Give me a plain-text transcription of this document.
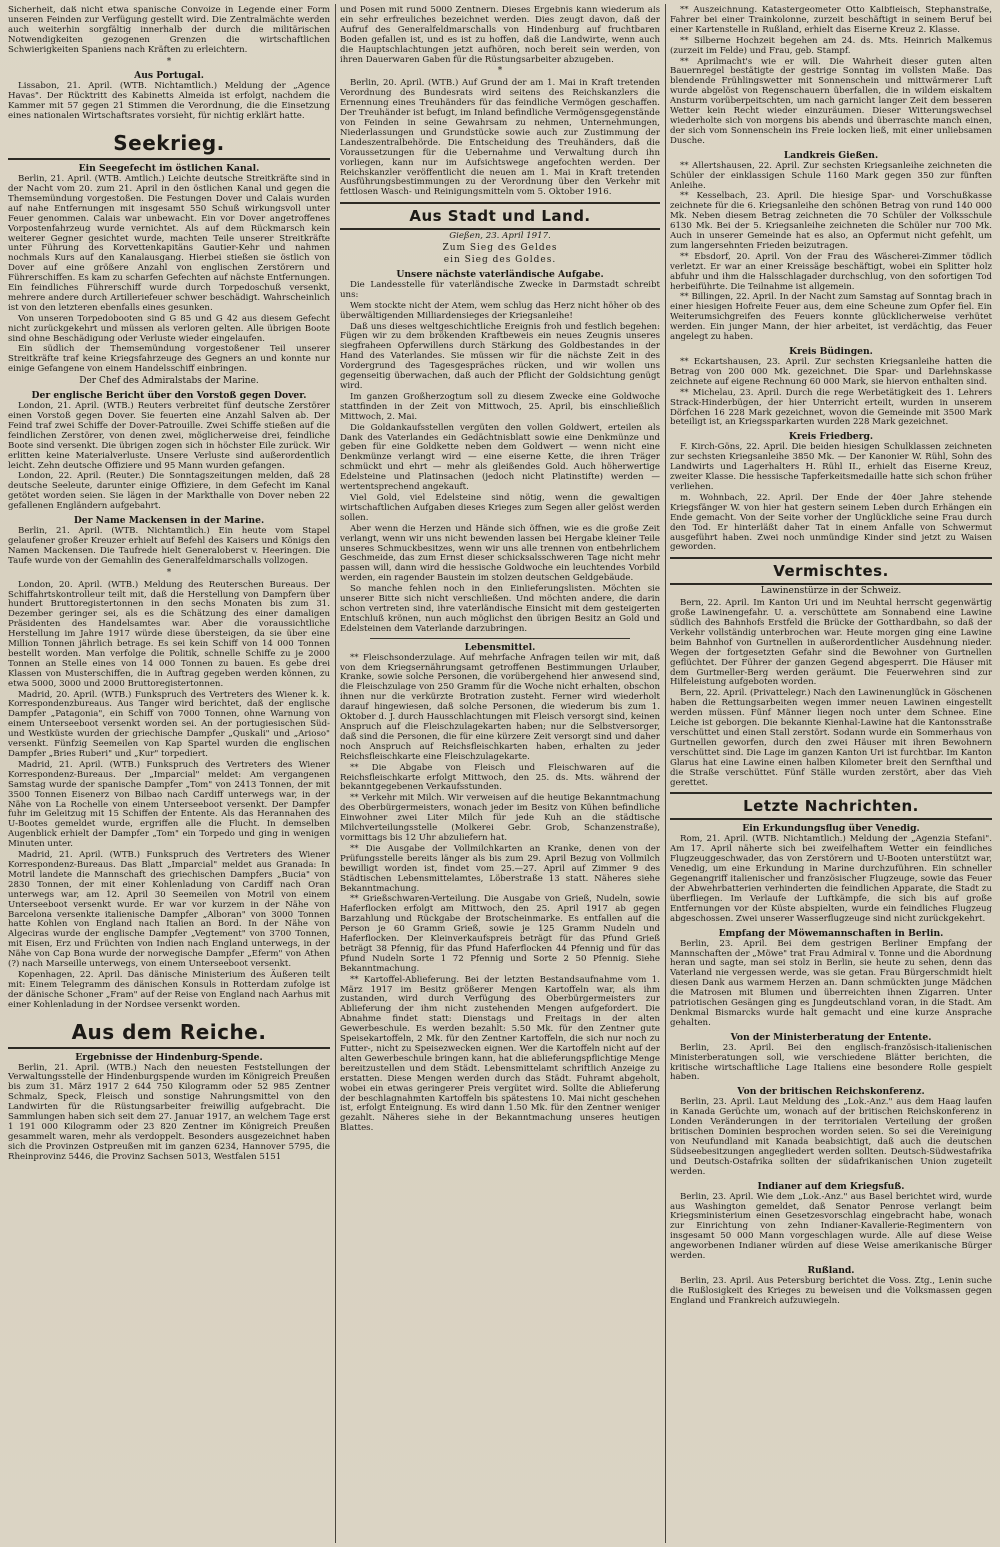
Sicherheit, daß nicht etwa spanische Convoize in Legende einer Form unseren Feinden zur Verfügung gestellt wird. Die Zentralmächte werden auch weiterhin sorgfältig innerhalb der durch die militärischen Notwendigkeiten gezogenen Grenzen die wirtschaftlichen Schwierigkeiten Spaniens nach Kräften zu erleichtern.

*
Aus Portugal.

Lissabon, 21. April. (WTB. Nichtamtlich.) Meldung der „Agence Havas". Der Rücktritt des Kabinetts Almeida ist erfolgt, nachdem die Kammer mit 57 gegen 21 Stimmen die Verordnung, die die Einsetzung eines nationalen Wirtschaftsrates vorsieht, für nichtig erklärt hatte.

Seekrieg.
Ein Seegefecht im östlichen Kanal.

Berlin, 21. April. (WTB. Amtlich.) Leichte deutsche Streitkräfte sind in der Nacht vom 20. zum 21. April in den östlichen Kanal und gegen die Themsemündung vorgestoßen. Die Festungen Dover und Calais wurden auf nahe Entfernungen mit insgesamt 550 Schuß wirkungsvoll unter Feuer genommen. Calais war unbewacht. Ein vor Dover angetroffenes Vorpostenfahrzeug wurde vernichtet. Als auf dem Rückmarsch kein weiterer Gegner gesichtet wurde, machten Teile unserer Streitkräfte unter Führung des Korvettenkapitäns Gautier-Kehr und nahmen nochmals Kurs auf den Kanalausgang. Hierbei stießen sie östlich von Dover auf eine größere Anzahl von englischen Zerstörern und Führerschiffen. Es kam zu scharfen Gefechten auf nächste Entfernungen. Ein feindliches Führerschiff wurde durch Torpedoschuß versenkt, mehrere andere durch Artilleriefeuer schwer beschädigt. Wahrscheinlich ist von den letzteren ebenfalls eines gesunken.

Von unseren Torpedobooten sind G 85 und G 42 aus diesem Gefecht nicht zurückgekehrt und müssen als verloren gelten. Alle übrigen Boote sind ohne Beschädigung oder Verluste wieder eingelaufen.

Ein südlich der Themsemündung vorgestoßener Teil unserer Streitkräfte traf keine Kriegsfahrzeuge des Gegners an und konnte nur einige Gefangene von einem Handelsschiff einbringen.

Der Chef des Admiralstabs der Marine.
Der englische Bericht über den Vorstoß gegen Dover.

London, 21. April. (WTB.) Reuters verbreitet fünf deutsche Zerstörer einen Vorstoß gegen Dover. Sie feuerten eine Anzahl Salven ab. Der Feind traf zwei Schiffe der Dover-Patrouille. Zwei Schiffe stießen auf die feindlichen Zerstörer, von denen zwei, möglicherweise drei, feindliche Boote sind versenkt. Die übrigen zogen sich in höchster Eile zurück. Wir erlitten keine Materialverluste. Unsere Verluste sind außerordentlich leicht. Zehn deutsche Offiziere und 95 Mann wurden gefangen.

London, 22. April. (Reuter.) Die Sonntagszeitungen melden, daß 28 deutsche Seeleute, darunter einige Offiziere, in dem Gefecht im Kanal getötet worden seien. Sie lägen in der Markthalle von Dover neben 22 gefallenen Engländern aufgebahrt.

Der Name Mackensen in der Marine.

Berlin, 21. April. (WTB. Nichtamtlich.) Ein heute vom Stapel gelaufener großer Kreuzer erhielt auf Befehl des Kaisers und Königs den Namen Mackensen. Die Taufrede hielt Generaloberst v. Heeringen. Die Taufe wurde von der Gemahlin des Generalfeldmarschalls vollzogen.

*

London, 20. April. (WTB.) Meldung des Reuterschen Bureaus. Der Schiffahrtskontrolleur teilt mit, daß die Herstellung von Dampfern über hundert Bruttoregistertonnen in den sechs Monaten bis zum 31. Dezember geringer sei, als es die Schätzung des einer damaligen Präsidenten des Handelsamtes war. Aber die voraussichtliche Herstellung im Jahre 1917 würde diese übersteigen, da sie über eine Million Tonnen jährlich betrage. Es sei kein Schiff von 14 000 Tonnen bestellt worden. Man verfolge die Politik, schnelle Schiffe zu je 2000 Tonnen an Stelle eines von 14 000 Tonnen zu bauen. Es gebe drei Klassen von Musterschiffen, die in Auftrag gegeben werden können, zu etwa 5000, 3000 und 2000 Bruttoregistertonnen.

Madrid, 20. April. (WTB.) Funkspruch des Vertreters des Wiener k. k. Korrespondenzbureaus. Aus Tanger wird berichtet, daß der englische Dampfer „Patagonia", ein Schiff von 7000 Tonnen, ohne Warnung von einem Unterseeboot versenkt worden sei. An der portugiesischen Süd- und Westküste wurden der griechische Dampfer „Quskali" und „Arioso" versenkt. Fünfzig Seemeilen von Kap Spartel wurden die englischen Dampfer „Bries Ruberi" und „Kur" torpediert.

Madrid, 21. April. (WTB.) Funkspruch des Vertreters des Wiener Korrespondenz-Bureaus. Der „Imparcial" meldet: Am vergangenen Samstag wurde der spanische Dampfer „Tom" von 2413 Tonnen, der mit 3500 Tonnen Eisenerz von Bilbao nach Cardiff unterwegs war, in der Nähe von La Rochelle von einem Unterseeboot versenkt. Der Dampfer fuhr im Geleitzug mit 15 Schiffen der Entente. Als das Herannahen des U-Bootes gemeldet wurde, ergriffen alle die Flucht. In demselben Augenblick erhielt der Dampfer „Tom" ein Torpedo und ging in wenigen Minuten unter.

Madrid, 21. April. (WTB.) Funkspruch des Vertreters des Wiener Korrespondenz-Bureaus. Das Blatt „Imparcial" meldet aus Granada: In Motril landete die Mannschaft des griechischen Dampfers „Bucia" von 2830 Tonnen, der mit einer Kohlenladung von Cardiff nach Oran unterwegs war, am 12. April 30 Seemeilen von Motril von einem Unterseeboot versenkt wurde. Er war vor kurzem in der Nähe von Barcelona versenkte italienische Dampfer „Alboran" von 3000 Tonnen hatte Kohlen von England nach Italien an Bord. In der Nähe von Algeciras wurde der englische Dampfer „Vegtement" von 3700 Tonnen, mit Eisen, Erz und Früchten von Indien nach England unterwegs, in der Nähe von Cap Bona wurde der norwegische Dampfer „Eferm" von Athen (?) nach Marseille unterwegs, von einem Unterseeboot versenkt.

Kopenhagen, 22. April. Das dänische Ministerium des Äußeren teilt mit: Einem Telegramm des dänischen Konsuls in Rotterdam zufolge ist der dänische Schoner „Fram" auf der Reise von England nach Aarhus mit einer Kohlenladung in der Nordsee versenkt worden.

Aus dem Reiche.
Ergebnisse der Hindenburg-Spende.

Berlin, 21. April. (WTB.) Nach den neuesten Feststellungen der Verwaltungsstelle der Hindenburgspende wurden im Königreich Preußen bis zum 31. März 1917 2 644 750 Kilogramm oder 52 985 Zentner Schmalz, Speck, Fleisch und sonstige Nahrungsmittel von den Landwirten für die Rüstungsarbeiter freiwillig aufgebracht. Die Sammlungen haben sich seit dem 27. Januar 1917, an welchem Tage erst 1 191 000 Kilogramm oder 23 820 Zentner im Königreich Preußen gesammelt waren, mehr als verdoppelt. Besonders ausgezeichnet haben sich die Provinzen Ostpreußen mit im ganzen 6234, Hannover 5795, die Rheinprovinz 5446, die Provinz Sachsen 5013, Westfalen 5151

und Posen mit rund 5000 Zentnern. Dieses Ergebnis kann wiederum als ein sehr erfreuliches bezeichnet werden. Dies zeugt davon, daß der Aufruf des Generalfeldmarschalls von Hindenburg auf fruchtbaren Boden gefallen ist, und es ist zu hoffen, daß die Landwirte, wenn auch die Hauptschlachtungen jetzt aufhören, noch bereit sein werden, von ihren Dauerwaren Gaben für die Rüstungsarbeiter abzugeben.

*

Berlin, 20. April. (WTB.) Auf Grund der am 1. Mai in Kraft tretenden Verordnung des Bundesrats wird seitens des Reichskanzlers die Ernennung eines Treuhänders für das feindliche Vermögen geschaffen. Der Treuhänder ist befugt, im Inland befindliche Vermögensgegenstände von Feinden in seine Gewahrsam zu nehmen, Unternehmungen, Niederlassungen und Grundstücke sowie auch zur Zustimmung der Landeszentralbehörde. Die Entscheidung des Treuhänders, daß die Voraussetzungen für die Uebernahme und Verwaltung durch ihn vorliegen, kann nur im Aufsichtswege angefochten werden. Der Reichskanzler veröffentlicht die neuen am 1. Mai in Kraft tretenden Ausführungsbestimmungen zu der Verordnung über den Verkehr mit fettlosen Wasch- und Reinigungsmitteln vom 5. Oktober 1916.

Aus Stadt und Land.
Gießen, 23. April 1917.
Zum Sieg des Geldes
ein Sieg des Goldes.
Unsere nächste vaterländische Aufgabe.

Die Landesstelle für vaterländische Zwecke in Darmstadt schreibt uns:

Wem stockte nicht der Atem, wem schlug das Herz nicht höher ob des überwältigenden Milliardensieges der Kriegsanleihe!

Daß uns dieses weltgeschichtliche Ereignis froh und festlich begehen: Fügen wir zu dem brökenden Kraftbeweis ein neues Zeugnis unseres siegfraheen Opferwillens durch Stärkung des Goldbestandes in der Hand des Vaterlandes. Sie müssen wir für die nächste Zeit in des Vordergrund des Tagesgespräches rücken, und wir wollen uns gegenseitig überwachen, daß auch der Pflicht der Goldsichtung genügt wird.

Im ganzen Großherzogtum soll zu diesem Zwecke eine Goldwoche stattfinden in der Zeit von Mittwoch, 25. April, bis einschließlich Mittwoch, 2. Mai.

Die Goldankaufsstellen vergüten den vollen Goldwert, erteilen als Dank des Vaterlandes ein Gedächtnisblatt sowie eine Denkmünze und geben für eine Goldkette neben dem Goldwert — wenn nicht eine Denkmünze verlangt wird — eine eiserne Kette, die ihren Träger schmückt und ehrt — mehr als gleißendes Gold. Auch höherwertige Edelsteine und Platinsachen (jedoch nicht Platinstifte) werden — wertentsprechend angekauft.

Viel Gold, viel Edelsteine sind nötig, wenn die gewaltigen wirtschaftlichen Aufgaben dieses Krieges zum Segen aller gelöst werden sollen.

Aber wenn die Herzen und Hände sich öffnen, wie es die große Zeit verlangt, wenn wir uns nicht bewenden lassen bei Hergabe kleiner Teile unseres Schmuckbesitzes, wenn wir uns alle trennen von entbehrlichem Geschmeide, das zum Ernst dieser schicksalsschweren Tage nicht mehr passen will, dann wird die hessische Goldwoche ein leuchtendes Vorbild werden, ein ragender Baustein im stolzen deutschen Geldgebäude.

So manche fehlen noch in den Einlieferungslisten. Möchten sie unserer Bitte sich nicht verschließen. Und möchten andere, die darin schon vertreten sind, ihre vaterländische Einsicht mit dem gesteigerten Entschluß krönen, nun auch möglichst den übrigen Besitz an Gold und Edelsteinen dem Vaterlande darzubringen.

Lebensmittel.

** Fleischsonderzulage. Auf mehrfache Anfragen teilen wir mit, daß von dem Kriegsernährungsamt getroffenen Bestimmungen Urlauber, Kranke, sowie solche Personen, die vorübergehend hier anwesend sind, die Fleischzulage von 250 Gramm für die Woche nicht erhalten, obschon ihnen nur die verkürzte Brotration zusteht. Ferner wird wiederholt darauf hingewiesen, daß solche Personen, die wiederum bis zum 1. Oktober d. J. durch Hausschlachtungen mit Fleisch versorgt sind, keinen Anspruch auf die Fleischzulagekarten haben; nur die Selbstversorger, daß sind die Personen, die für eine kürzere Zeit versorgt sind und daher noch Anspruch auf Reichsfleischkarten haben, erhalten zu jeder Reichsfleischkarte eine Fleischzulagekarte.

** Die Abgabe von Fleisch und Fleischwaren auf die Reichsfleischkarte erfolgt Mittwoch, den 25. ds. Mts. während der bekanntgegebenen Verkaufsstunden.

** Verkehr mit Milch. Wir verweisen auf die heutige Bekanntmachung des Oberbürgermeisters, wonach jeder im Besitz von Kühen befindliche Einwohner zwei Liter Milch für jede Kuh an die städtische Milchverteilungsstelle (Molkerei Gebr. Grob, Schanzenstraße), vormittags bis 12 Uhr abzuliefern hat.

** Die Ausgabe der Vollmilchkarten an Kranke, denen von der Prüfungsstelle bereits länger als bis zum 29. April Bezug von Vollmilch bewilligt worden ist, findet vom 25.—27. April auf Zimmer 9 des Städtischen Lebensmittelamtes, Löberstraße 13 statt. Näheres siehe Bekanntmachung.

** Grießschwaren-Verteilung. Die Ausgabe von Grieß, Nudeln, sowie Haferflocken erfolgt am Mittwoch, den 25. April 1917 ab gegen Barzahlung und Rückgabe der Brotscheinmarke. Es entfallen auf die Person je 60 Gramm Grieß, sowie je 125 Gramm Nudeln und Haferflocken. Der Kleinverkaufspreis beträgt für das Pfund Grieß beträgt 38 Pfennig, für das Pfund Haferflocken 44 Pfennig und für das Pfund Nudeln Sorte 1 72 Pfennig und Sorte 2 50 Pfennig. Siehe Bekanntmachung.

** Kartoffel-Ablieferung. Bei der letzten Bestandsaufnahme vom 1. März 1917 im Besitz größerer Mengen Kartoffeln war, als ihm zustanden, wird durch Verfügung des Oberbürgermeisters zur Ablieferung der ihm nicht zustehenden Mengen aufgefordert. Die Abnahme findet statt: Dienstags und Freitags in der alten Gewerbeschule. Es werden bezahlt: 5.50 Mk. für den Zentner gute Speisekartoffeln, 2 Mk. für den Zentner Kartoffeln, die sich nur noch zu Futter-, nicht zu Speisezwecken eignen. Wer die Kartoffeln nicht auf der alten Gewerbeschule bringen kann, hat die ablieferungspflichtige Menge bereitzustellen und dem Städt. Lebensmittelamt schriftlich Anzeige zu erstatten. Diese Mengen werden durch das Städt. Fuhramt abgeholt, wobei ein etwas geringerer Preis vergütet wird. Sollte die Ablieferung der beschlagnahmten Kartoffeln bis spätestens 10. Mai nicht geschehen ist, erfolgt Enteignung. Es wird dann 1.50 Mk. für den Zentner weniger gezahlt. Näheres siehe in der Bekanntmachung unseres heutigen Blattes.

** Auszeichnung. Katastergeometer Otto Kalbfleisch, Stephanstraße, Fahrer bei einer Trainkolonne, zurzeit beschäftigt in seinem Beruf bei einer Kartenstelle in Rußland, erhielt das Eiserne Kreuz 2. Klasse.

** Silberne Hochzeit begehen am 24. ds. Mts. Heinrich Malkemus (zurzeit im Felde) und Frau, geb. Stampf.

** Aprilmacht's wie er will. Die Wahrheit dieser guten alten Bauernregel bestätigte der gestrige Sonntag im vollsten Maße. Das blendende Frühlingswetter mit Sonnenschein und mittwärmerer Luft wurde abgelöst von Regenschauern überfallen, die in wildem eiskaltem Ansturm vorüberpeitschten, um nach garnicht langer Zeit dem besseren Wetter kein Recht wieder einzuräumen. Dieser Witterungswechsel wiederholte sich von morgens bis abends und überraschte manch einen, der sich vom Sonnenschein ins Freie locken ließ, mit einer unliebsamen Dusche.

Landkreis Gießen.

** Allertshausen, 22. April. Zur sechsten Kriegsanleihe zeichneten die Schüler der einklassigen Schule 1160 Mark gegen 350 zur fünften Anleihe.

** Kesselbach, 23. April. Die hiesige Spar- und Vorschußkasse zeichnete für die 6. Kriegsanleihe den schönen Betrag von rund 140 000 Mk. Neben diesem Betrag zeichneten die 70 Schüler der Volksschule 6130 Mk. Bei der 5. Kriegsanleihe zeichneten die Schüler nur 700 Mk. Auch in unserer Gemeinde hat es also, an Opfermut nicht gefehlt, um zum langersehnten Frieden beizutragen.

** Ebsdorf, 20. April. Von der Frau des Wäscherei-Zimmer tödlich verletzt. Er war an einer Kreissäge beschäftigt, wobei ein Splitter holz abfuhr und ihm die Halsschlagader durchschlug, von den sofortigen Tod herbeiführte. Die Teilnahme ist allgemein.

** Billingen, 22. April. In der Nacht zum Samstag auf Sonntag brach in einer hiesigen Hofreite Feuer aus, dem eine Scheune zum Opfer fiel. Ein Weiterumsichgreifen des Feuers konnte glücklicherweise verhütet werden. Ein junger Mann, der hier arbeitet, ist verdächtig, das Feuer angelegt zu haben.

Kreis Büdingen.

** Eckartshausen, 23. April. Zur sechsten Kriegsanleihe hatten die Betrag von 200 000 Mk. gezeichnet. Die Spar- und Darlehnskasse zeichnete auf eigene Rechnung 60 000 Mark, sie hiervon enthalten sind.

** Michelau, 23. April. Durch die rege Werbetätigkeit des 1. Lehrers Strack-Hinderbügen, der hier Unterricht erteilt, wurden in unserem Dörfchen 16 228 Mark gezeichnet, wovon die Gemeinde mit 3500 Mark beteiligt ist, an Kriegssparkarten wurden 228 Mark gezeichnet.

Kreis Friedberg.

F. Kirch-Göns, 22. April. Die beiden hiesigen Schulklassen zeichneten zur sechsten Kriegsanleihe 3850 Mk. — Der Kanonier W. Rühl, Sohn des Landwirts und Lagerhalters H. Rühl II., erhielt das Eiserne Kreuz, zweiter Klasse. Die hessische Tapferkeitsmedaille hatte sich schon früher verliehen.

m. Wohnbach, 22. April. Der Ende der 40er Jahre stehende Kriegsfänger W. von hier hat gestern seinem Leben durch Erhängen ein Ende gemacht. Von der Seite vorher der Unglückliche seine Frau durch den Tod. Er hinterläßt daher Tat in einem Anfalle von Schwermut ausgeführt haben. Zwei noch unmündige Kinder sind jetzt zu Waisen geworden.

Vermischtes.
Lawinenstürze in der Schweiz.

Bern, 22. April. Im Kanton Uri und im Neuhtal herrscht gegenwärtig große Lawinengefahr. U. a. verschüttete am Sonnabend eine Lawine südlich des Bahnhofs Erstfeld die Brücke der Gotthardbahn, so daß der Verkehr vollständig unterbrochen war. Heute morgen ging eine Lawine beim Bahnhof von Gurtnellen in außerordentlicher Ausdehnung nieder. Wegen der fortgesetzten Gefahr sind die Bewohner von Gurtnellen geflüchtet. Der Führer der ganzen Gegend abgesperrt. Die Häuser mit dem Gurtmeller-Berg werden geräumt. Die Feuerwehren sind zur Hilfeleistung aufgeboten worden.

Bern, 22. April. (Privattelegr.) Nach den Lawinenunglück in Göschenen haben die Rettungsarbeiten wegen immer neuen Lawinen eingestellt werden müssen. Fünf Männer liegen noch unter dem Schnee. Eine Leiche ist geborgen. Die bekannte Kienhal-Lawine hat die Kantonsstraße verschüttet und einen Stall zerstört. Sodann wurde ein Sommerhaus von Gurtnellen geworfen, durch den zwei Häuser mit ihren Bewohnern verschüttet sind. Die Lage im ganzen Kanton Uri ist furchtbar. Im Kanton Glarus hat eine Lawine einen halben Kilometer breit den Sernfthal und die Straße verschüttet. Fünf Ställe wurden zerstört, aber das Vieh gerettet.

Letzte Nachrichten.
Ein Erkundungsflug über Venedig.

Rom, 21. April. (WTB. Nichtamtlich.) Meldung der „Agenzia Stefani". Am 17. April näherte sich bei zweifelhaftem Wetter ein feindliches Flugzeuggeschwader, das von Zerstörern und U-Booten unterstützt war, Venedig, um eine Erkundung in Marine durchzuführen. Ein schneller Gegenangriff italienischer und französischer Flugzeuge, sowie das Feuer der Abwehrbatterien verhinderten die feindlichen Apparate, die Stadt zu überfliegen. Im Verlaufe der Luftkämpfe, die sich bis auf große Entfernungen vor der Küste abspielten, wurde ein feindliches Flugzeug abgeschossen. Zwei unserer Wasserflugzeuge sind nicht zurückgekehrt.

Empfang der Möwemannschaften in Berlin.

Berlin, 23. April. Bei dem gestrigen Berliner Empfang der Mannschaften der „Möwe" trat Frau Admiral v. Tonne und die Abordnung heran und sagte, man sei stolz in Berlin, sie heute zu sehen, denn das Vaterland nie vergessen werde, was sie getan. Frau Bürgerschmidt hielt diesen Dank aus warmem Herzen an. Dann schmückten junge Mädchen die Matrosen mit Blumen und überreichten ihnen Zigarren. Unter patriotischen Gesängen ging es Jungdeutschland voran, in die Stadt. Am Denkmal Bismarcks wurde halt gemacht und eine kurze Ansprache gehalten.

Von der Ministerberatung der Entente.

Berlin, 23. April. Bei den englisch-französisch-italienischen Ministerberatungen soll, wie verschiedene Blätter berichten, die kritische wirtschaftliche Lage Italiens eine besondere Rolle gespielt haben.

Von der britischen Reichskonferenz.

Berlin, 23. April. Laut Meldung des „Lok.-Anz." aus dem Haag laufen in Kanada Gerüchte um, wonach auf der britischen Reichskonferenz in Londen Veränderungen in der territorialen Verteilung der großen britischen Dominien besprochen worden seien. So sei die Vereinigung von Neufundland mit Kanada beabsichtigt, daß auch die deutschen Südseebesitzungen angegliedert werden sollten. Deutsch-Südwestafrika und Deutsch-Ostafrika sollten der südafrikanischen Union zugeteilt werden.

Indianer auf dem Kriegsfuß.

Berlin, 23. April. Wie dem „Lok.-Anz." aus Basel berichtet wird, wurde aus Washington gemeldet, daß Senator Penrose verlangt beim Kriegsministerium einen Gesetzesvorschlag eingebracht habe, wonach zur Einrichtung von zehn Indianer-Kavallerie-Regimentern von insgesamt 50 000 Mann vorgeschlagen wurde. Alle auf diese Weise angeworbenen Indianer würden auf diese Weise amerikanische Bürger werden.

Rußland.

Berlin, 23. April. Aus Petersburg berichtet die Voss. Ztg., Lenin suche die Rußlosigkeit des Krieges zu beweisen und die Volksmassen gegen England und Frankreich aufzuwiegeln.
